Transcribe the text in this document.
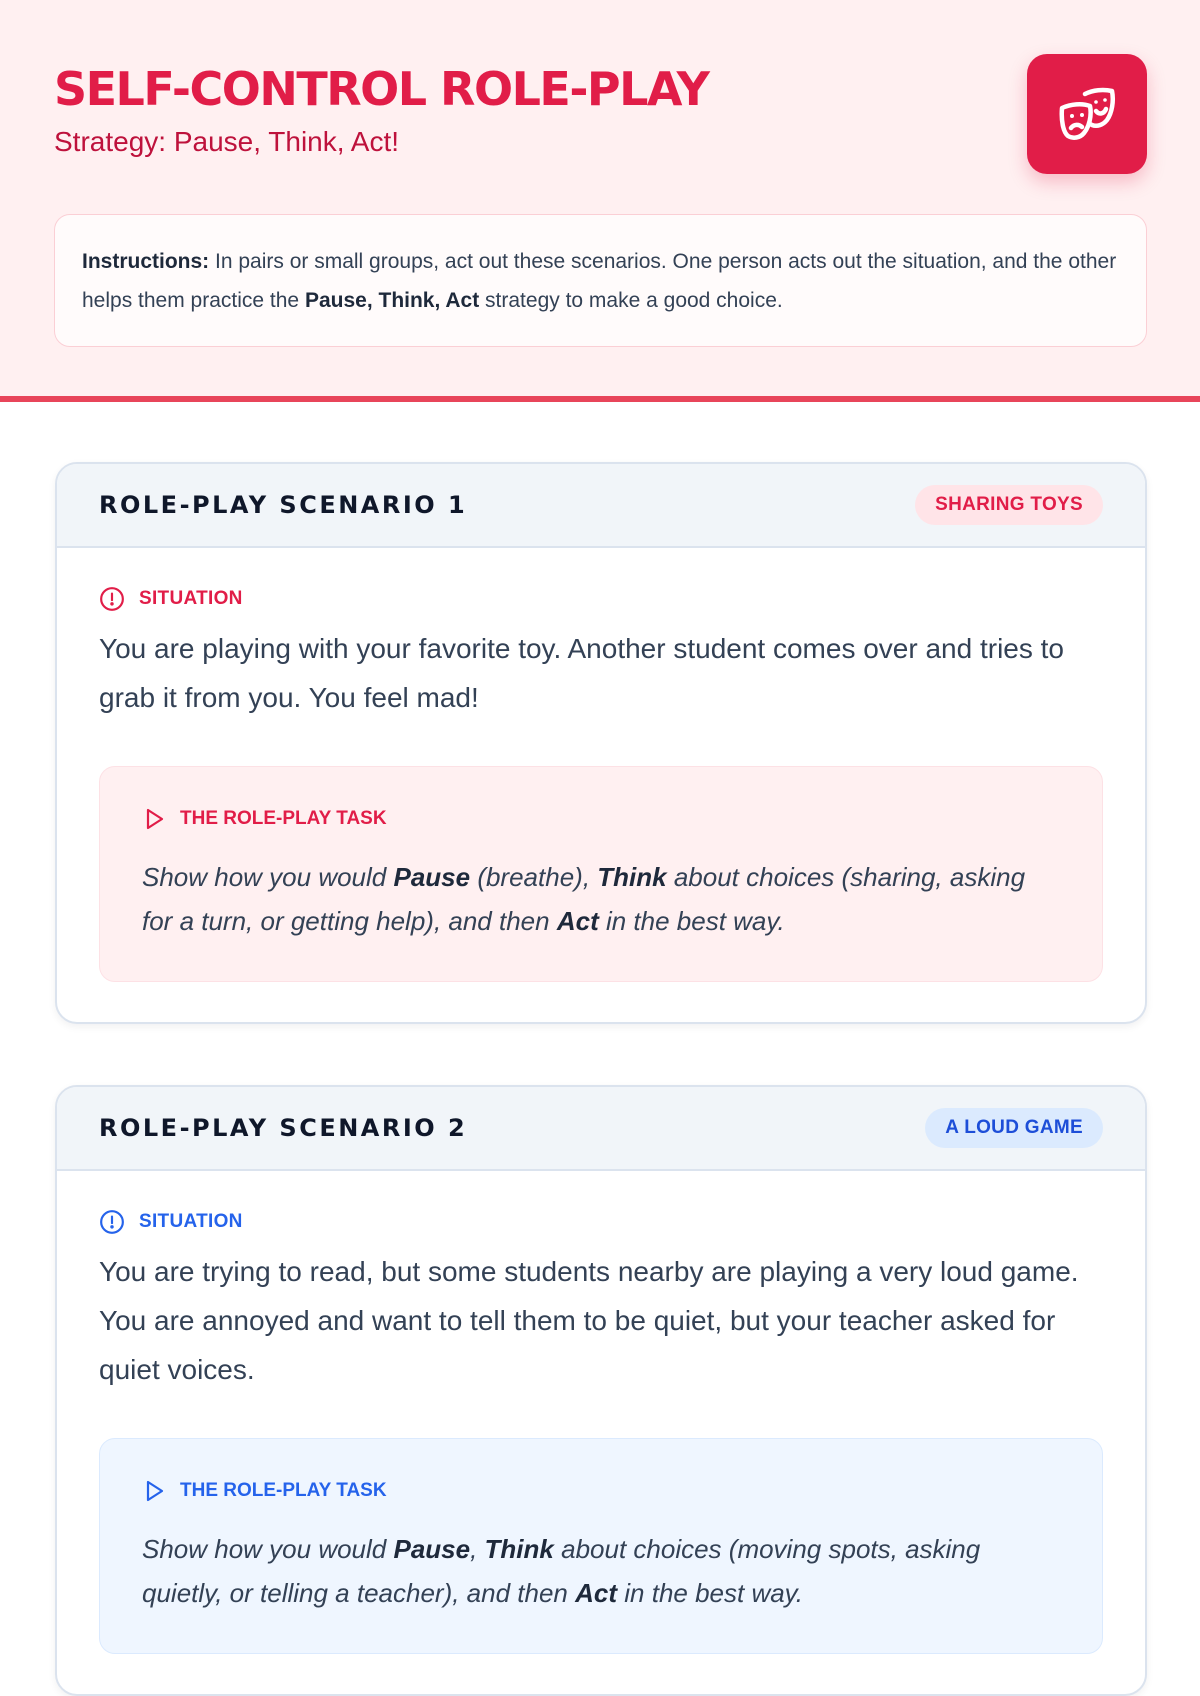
SELF-CONTROL ROLE-PLAY
Strategy: Pause, Think, Act!
Instructions: In pairs or small groups, act out these scenarios. One person acts out the situation, and the other helps them practice the Pause, Think, Act strategy to make a good choice.
ROLE-PLAY SCENARIO 1	SHARING TOYS
SITUATION

You are playing with your favorite toy. Another student comes over and tries to grab it from you. You feel mad!

THE ROLE-PLAY TASK

Show how you would Pause (breathe), Think about choices (sharing, asking for a turn, or getting help), and then Act in the best way.

ROLE-PLAY SCENARIO 2	A LOUD GAME
SITUATION

You are trying to read, but some students nearby are playing a very loud game. You are annoyed and want to tell them to be quiet, but your teacher asked for quiet voices.

THE ROLE-PLAY TASK

Show how you would Pause, Think about choices (moving spots, asking quietly, or telling a teacher), and then Act in the best way.
